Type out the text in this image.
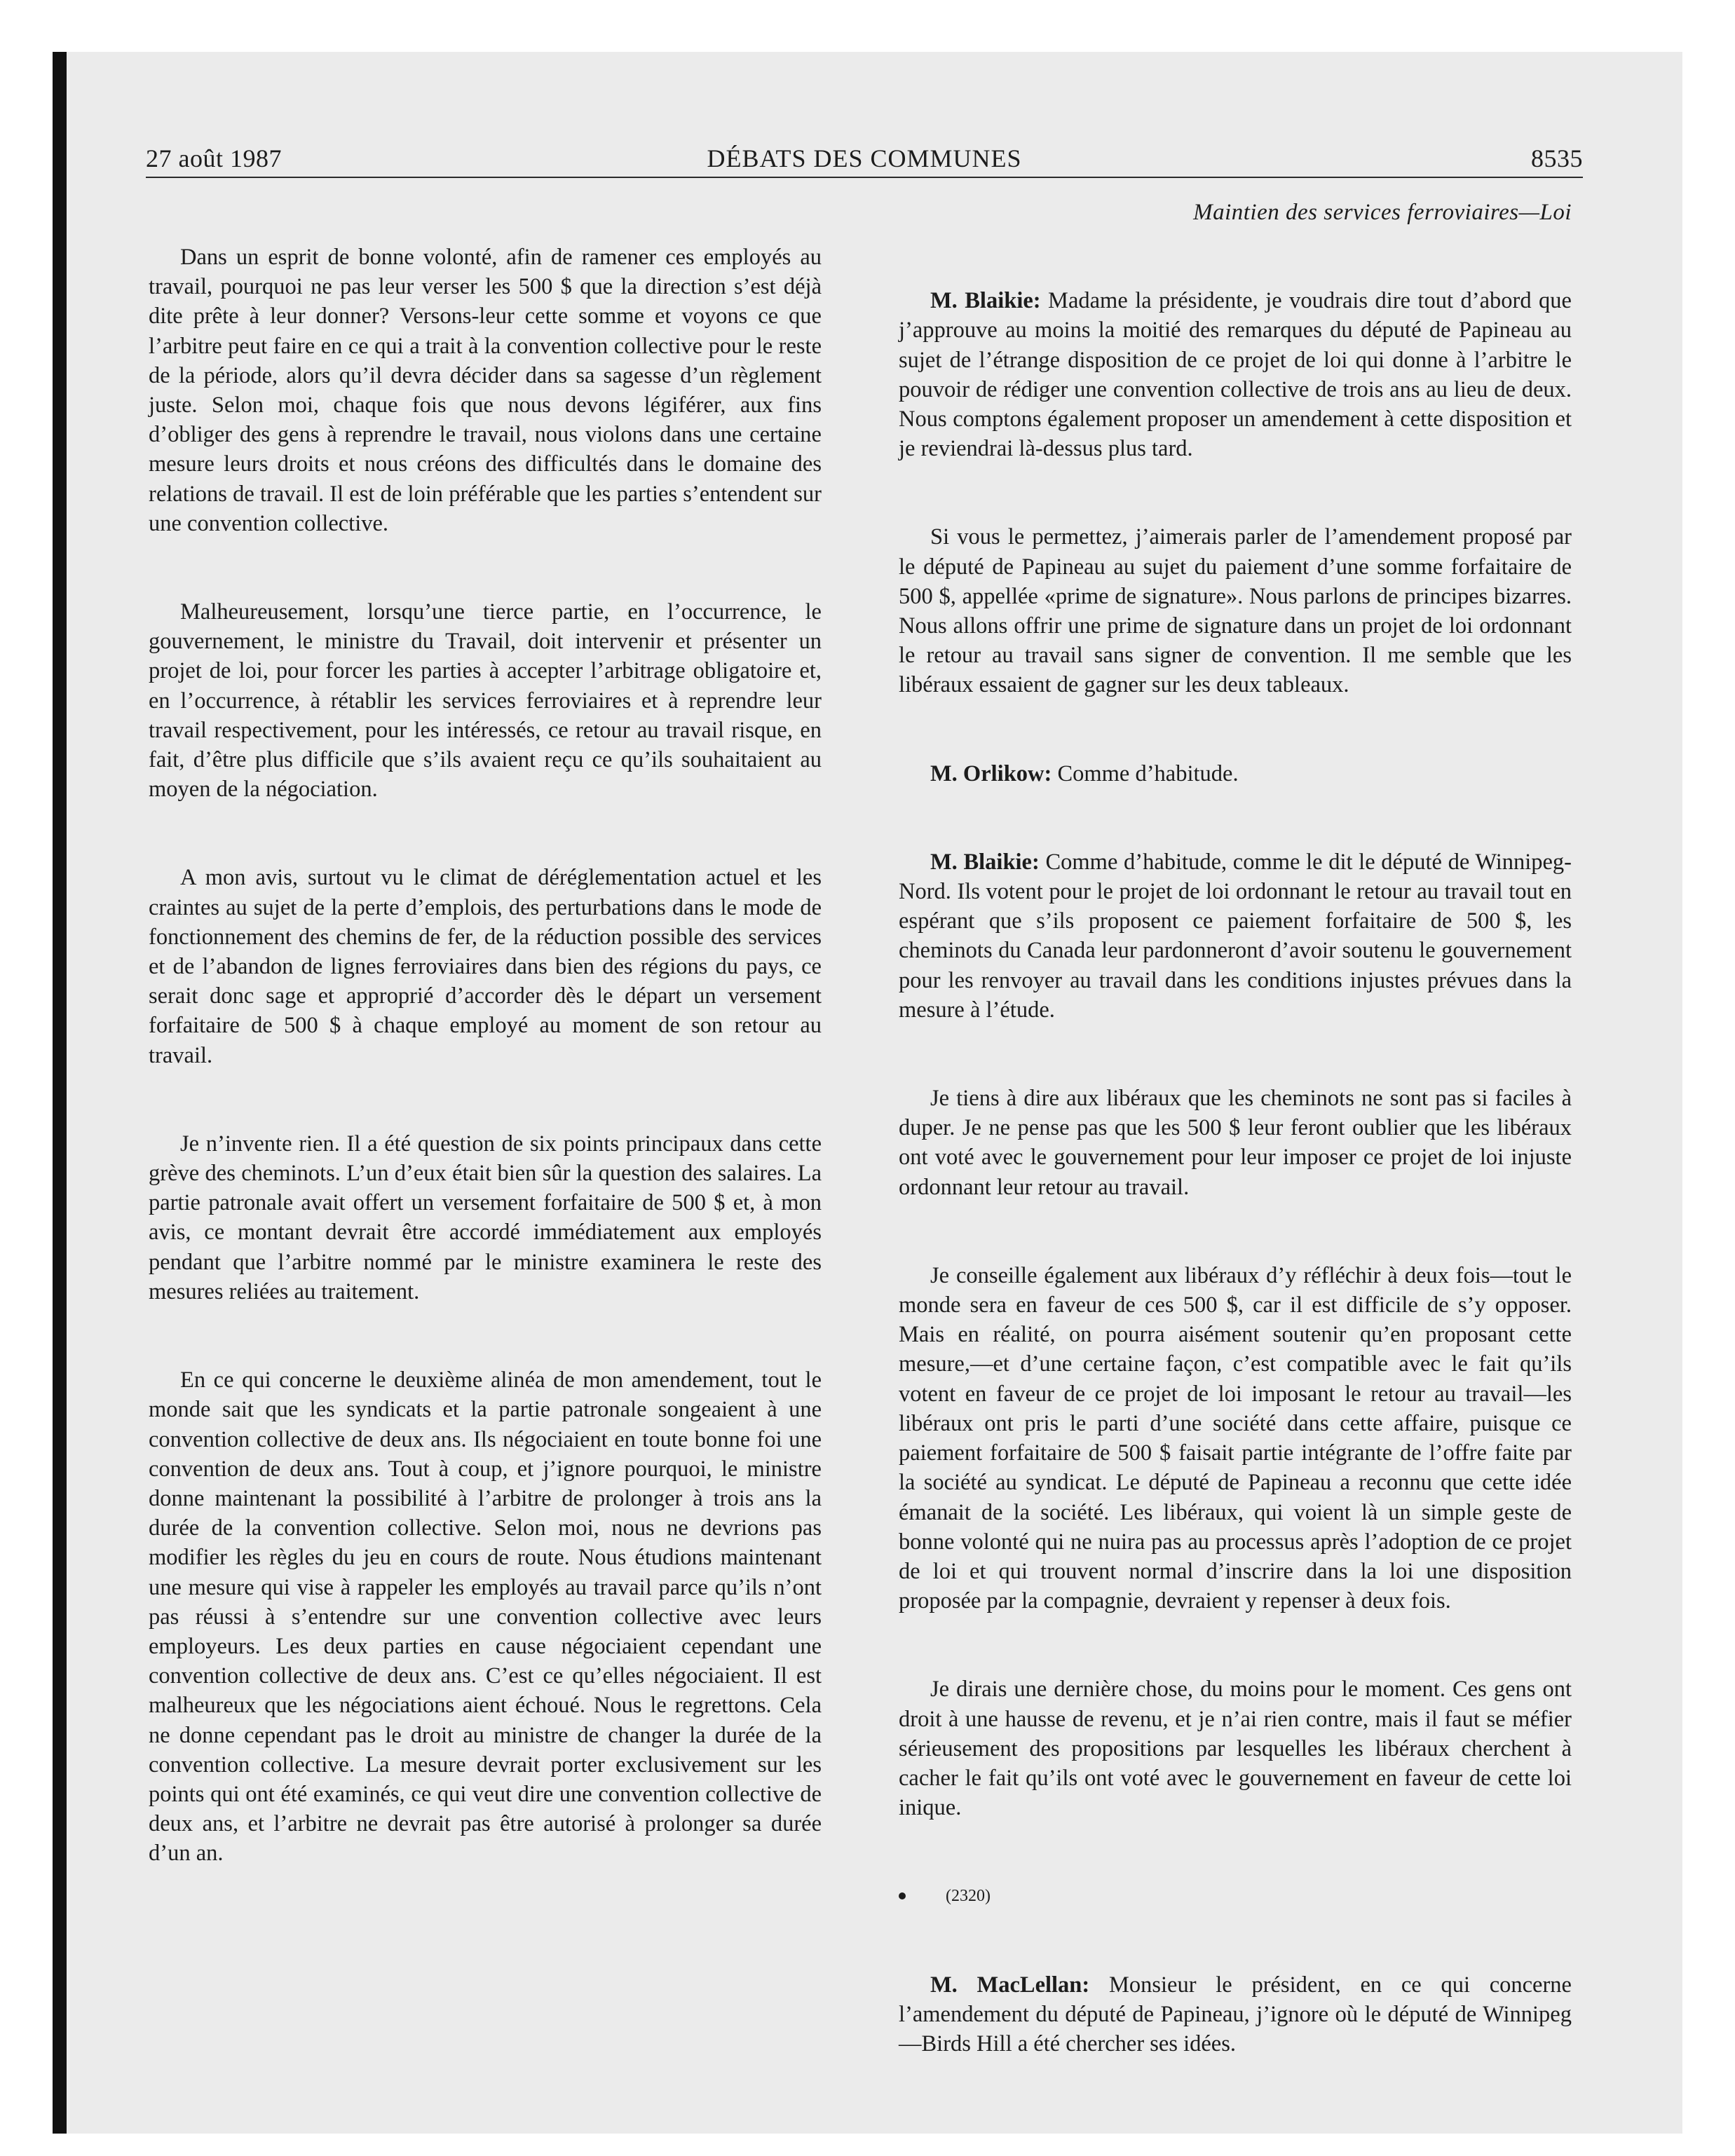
27 août 1987	DÉBATS DES COMMUNES	8535

Dans un esprit de bonne volonté, afin de ramener ces employés au travail, pourquoi ne pas leur verser les 500 $ que la direction s’est déjà dite prête à leur donner? Versons-leur cette somme et voyons ce que l’arbitre peut faire en ce qui a trait à la convention collective pour le reste de la période, alors qu’il devra décider dans sa sagesse d’un règlement juste. Selon moi, chaque fois que nous devons légiférer, aux fins d’obliger des gens à reprendre le travail, nous violons dans une certaine mesure leurs droits et nous créons des difficultés dans le domaine des relations de travail. Il est de loin préférable que les parties s’entendent sur une convention collective.

Malheureusement, lorsqu’une tierce partie, en l’occurrence, le gouvernement, le ministre du Travail, doit intervenir et présenter un projet de loi, pour forcer les parties à accepter l’arbitrage obligatoire et, en l’occurrence, à rétablir les services ferroviaires et à reprendre leur travail respectivement, pour les intéressés, ce retour au travail risque, en fait, d’être plus difficile que s’ils avaient reçu ce qu’ils souhaitaient au moyen de la négociation.

A mon avis, surtout vu le climat de déréglementation actuel et les craintes au sujet de la perte d’emplois, des perturbations dans le mode de fonctionnement des chemins de fer, de la réduction possible des services et de l’abandon de lignes ferroviaires dans bien des régions du pays, ce serait donc sage et approprié d’accorder dès le départ un versement forfaitaire de 500 $ à chaque employé au moment de son retour au travail.

Je n’invente rien. Il a été question de six points principaux dans cette grève des cheminots. L’un d’eux était bien sûr la question des salaires. La partie patronale avait offert un versement forfaitaire de 500 $ et, à mon avis, ce montant devrait être accordé immédiatement aux employés pendant que l’arbitre nommé par le ministre examinera le reste des mesures reliées au traitement.

En ce qui concerne le deuxième alinéa de mon amendement, tout le monde sait que les syndicats et la partie patronale songeaient à une convention collective de deux ans. Ils négociaient en toute bonne foi une convention de deux ans. Tout à coup, et j’ignore pourquoi, le ministre donne maintenant la possibilité à l’arbitre de prolonger à trois ans la durée de la convention collective. Selon moi, nous ne devrions pas modifier les règles du jeu en cours de route. Nous étudions maintenant une mesure qui vise à rappeler les employés au travail parce qu’ils n’ont pas réussi à s’entendre sur une convention collective avec leurs employeurs. Les deux parties en cause négociaient cependant une convention collective de deux ans. C’est ce qu’elles négociaient. Il est malheureux que les négociations aient échoué. Nous le regrettons. Cela ne donne cependant pas le droit au ministre de changer la durée de la convention collective. La mesure devrait porter exclusivement sur les points qui ont été examinés, ce qui veut dire une convention collective de deux ans, et l’arbitre ne devrait pas être autorisé à prolonger sa durée d’un an.

Maintien des services ferroviaires—Loi

M. Blaikie: Madame la présidente, je voudrais dire tout d’abord que j’approuve au moins la moitié des remarques du député de Papineau au sujet de l’étrange disposition de ce projet de loi qui donne à l’arbitre le pouvoir de rédiger une convention collective de trois ans au lieu de deux. Nous comptons également proposer un amendement à cette disposition et je reviendrai là-dessus plus tard.

Si vous le permettez, j’aimerais parler de l’amendement proposé par le député de Papineau au sujet du paiement d’une somme forfaitaire de 500 $, appellée «prime de signature». Nous parlons de principes bizarres. Nous allons offrir une prime de signature dans un projet de loi ordonnant le retour au travail sans signer de convention. Il me semble que les libéraux essaient de gagner sur les deux tableaux.

M. Orlikow: Comme d’habitude.

M. Blaikie: Comme d’habitude, comme le dit le député de Winnipeg-Nord. Ils votent pour le projet de loi ordonnant le retour au travail tout en espérant que s’ils proposent ce paiement forfaitaire de 500 $, les cheminots du Canada leur pardonneront d’avoir soutenu le gouvernement pour les renvoyer au travail dans les conditions injustes prévues dans la mesure à l’étude.

Je tiens à dire aux libéraux que les cheminots ne sont pas si faciles à duper. Je ne pense pas que les 500 $ leur feront oublier que les libéraux ont voté avec le gouvernement pour leur imposer ce projet de loi injuste ordonnant leur retour au travail.

Je conseille également aux libéraux d’y réfléchir à deux fois—tout le monde sera en faveur de ces 500 $, car il est difficile de s’y opposer. Mais en réalité, on pourra aisément soutenir qu’en proposant cette mesure,—et d’une certaine façon, c’est compatible avec le fait qu’ils votent en faveur de ce projet de loi imposant le retour au travail—les libéraux ont pris le parti d’une société dans cette affaire, puisque ce paiement forfaitaire de 500 $ faisait partie intégrante de l’offre faite par la société au syndicat. Le député de Papineau a reconnu que cette idée émanait de la société. Les libéraux, qui voient là un simple geste de bonne volonté qui ne nuira pas au processus après l’adoption de ce projet de loi et qui trouvent normal d’inscrire dans la loi une disposition proposée par la compagnie, devraient y repenser à deux fois.

Je dirais une dernière chose, du moins pour le moment. Ces gens ont droit à une hausse de revenu, et je n’ai rien contre, mais il faut se méfier sérieusement des propositions par lesquelles les libéraux cherchent à cacher le fait qu’ils ont voté avec le gouvernement en faveur de cette loi inique.

(2320)

M. MacLellan: Monsieur le président, en ce qui concerne l’amendement du député de Papineau, j’ignore où le député de Winnipeg—Birds Hill a été chercher ses idées.
